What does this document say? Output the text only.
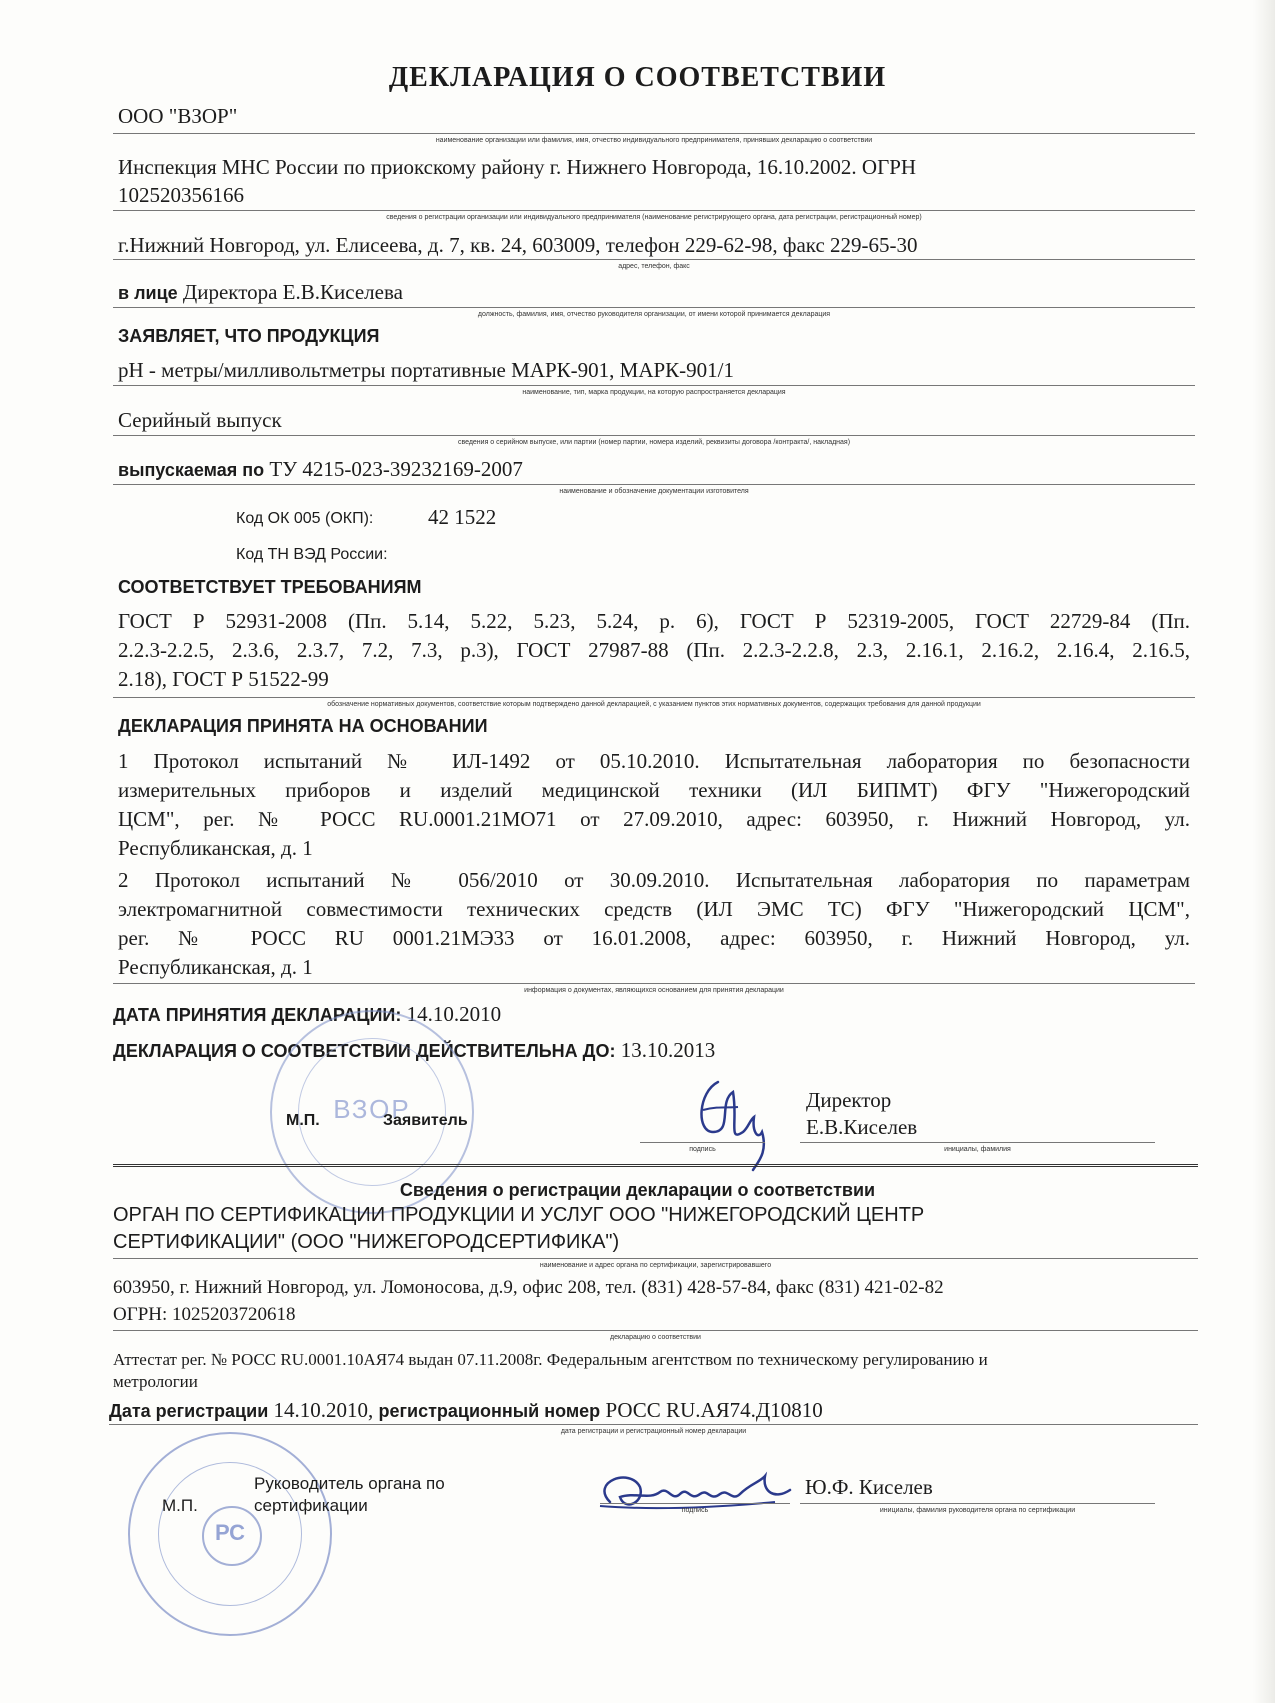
ДЕКЛАРАЦИЯ О СООТВЕТСТВИИ
ООО "ВЗОР"
наименование организации или фамилия, имя, отчество индивидуального предпринимателя, принявших декларацию о соответствии
Инспекция МНС России по приокскому району г. Нижнего Новгорода, 16.10.2002. ОГРН
102520356166
сведения о регистрации организации или индивидуального предпринимателя (наименование регистрирующего органа, дата регистрации, регистрационный номер)
г.Нижний Новгород, ул. Елисеева, д. 7, кв. 24, 603009, телефон 229-62-98, факс 229-65-30
адрес, телефон, факс
в лице Директора Е.В.Киселева
должность, фамилия, имя, отчество руководителя организации, от имени которой принимается декларация
ЗАЯВЛЯЕТ, ЧТО ПРОДУКЦИЯ
pH - метры/милливольтметры портативные МАРК-901, МАРК-901/1
наименование, тип, марка продукции, на которую распространяется декларация
Серийный выпуск
сведения о серийном выпуске, или партии (номер партии, номера изделий, реквизиты договора /контракта/, накладная)
выпускаемая по ТУ 4215-023-39232169-2007
наименование и обозначение документации изготовителя
Код ОК 005 (ОКП):	42 1522
Код ТН ВЭД России:
СООТВЕТСТВУЕТ ТРЕБОВАНИЯМ
ГОСТ Р 52931-2008 (Пп. 5.14, 5.22, 5.23, 5.24, р. 6), ГОСТ Р 52319-2005, ГОСТ 22729-84 (Пп.
2.2.3-2.2.5, 2.3.6, 2.3.7, 7.2, 7.3, р.3), ГОСТ 27987-88 (Пп. 2.2.3-2.2.8, 2.3, 2.16.1, 2.16.2, 2.16.4, 2.16.5,
2.18), ГОСТ Р 51522-99
обозначение нормативных документов, соответствие которым подтверждено данной декларацией, с указанием пунктов этих нормативных документов, содержащих требования для данной продукции
ДЕКЛАРАЦИЯ ПРИНЯТА НА ОСНОВАНИИ
1 Протокол испытаний № ИЛ-1492 от 05.10.2010. Испытательная лаборатория по безопасности
измерительных приборов и изделий медицинской техники (ИЛ БИПМТ) ФГУ "Нижегородский
ЦСМ", рег. № РОСС RU.0001.21МО71 от 27.09.2010, адрес: 603950, г. Нижний Новгород, ул.
Республиканская, д. 1
2 Протокол испытаний № 056/2010 от 30.09.2010. Испытательная лаборатория по параметрам
электромагнитной совместимости технических средств (ИЛ ЭМС ТС) ФГУ "Нижегородский ЦСМ",
рег. № РОСС RU 0001.21МЭ33 от 16.01.2008, адрес: 603950, г. Нижний Новгород, ул.
Республиканская, д. 1
информация о документах, являющихся основанием для принятия декларации
ДАТА ПРИНЯТИЯ ДЕКЛАРАЦИИ: 14.10.2010
ДЕКЛАРАЦИЯ О СООТВЕТСТВИИ ДЕЙСТВИТЕЛЬНА ДО: 13.10.2013
ВЗОР
М.П.	Заявитель
Директор
Е.В.Киселев
подпись	инициалы, фамилия
Сведения о регистрации декларации о соответствии
ОРГАН ПО СЕРТИФИКАЦИИ ПРОДУКЦИИ И УСЛУГ ООО "НИЖЕГОРОДСКИЙ ЦЕНТР
СЕРТИФИКАЦИИ" (ООО "НИЖЕГОРОДСЕРТИФИКА")
наименование и адрес органа по сертификации, зарегистрировавшего
603950, г. Нижний Новгород, ул. Ломоносова, д.9, офис 208, тел. (831) 428-57-84, факс (831) 421-02-82
ОГРН: 1025203720618
декларацию о соответствии
Аттестат рег. № РОСС RU.0001.10АЯ74 выдан 07.11.2008г. Федеральным агентством по техническому регулированию и
метрологии
Дата регистрации 14.10.2010, регистрационный номер РОСС RU.АЯ74.Д10810
дата регистрации и регистрационный номер декларации
РС
Руководитель органа по
сертификации
М.П.
Ю.Ф. Киселев
подпись	инициалы, фамилия руководителя органа по сертификации
